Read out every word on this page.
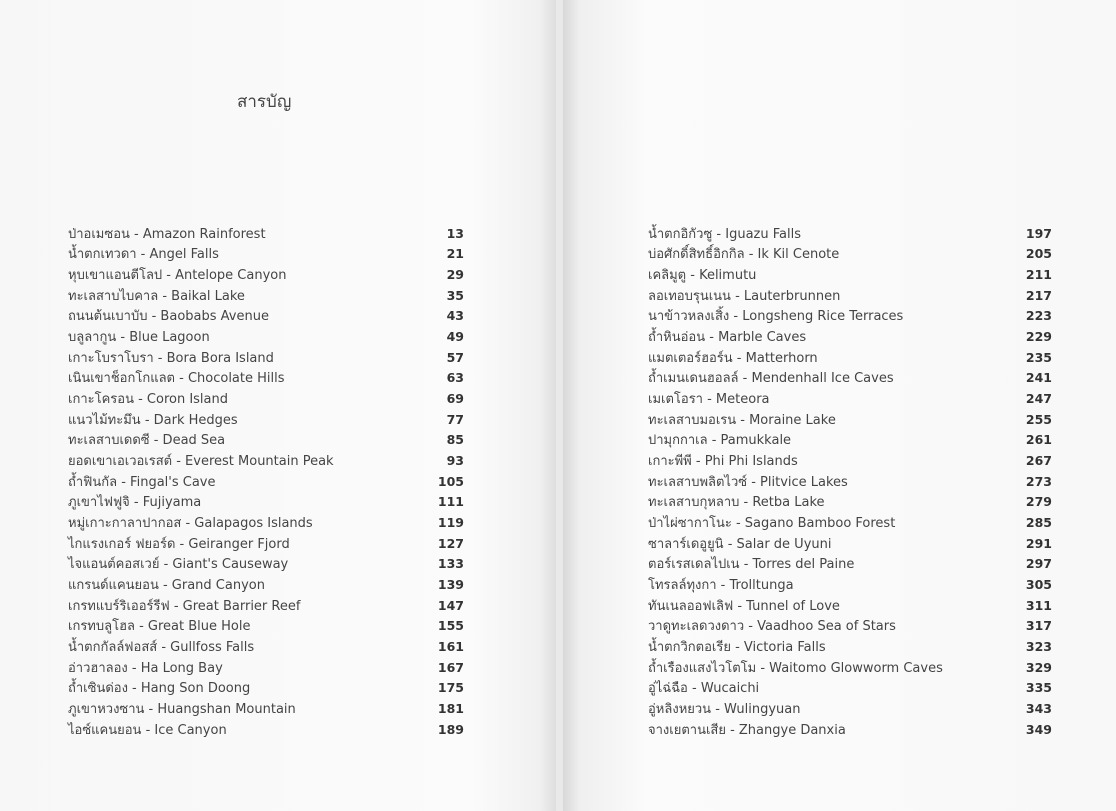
สารบัญ
ป่าอเมซอน - Amazon Rainforest	13
น้ำตกเทวดา - Angel Falls	21
หุบเขาแอนตีโลป - Antelope Canyon	29
ทะเลสาบไบคาล - Baikal Lake	35
ถนนต้นเบาบับ - Baobabs Avenue	43
บลูลากูน - Blue Lagoon	49
เกาะโบราโบรา - Bora Bora Island	57
เนินเขาช็อกโกแลต - Chocolate Hills	63
เกาะโครอน - Coron Island	69
แนวไม้ทะมึน - Dark Hedges	77
ทะเลสาบเดดซี - Dead Sea	85
ยอดเขาเอเวอเรสต์ - Everest Mountain Peak	93
ถ้ำฟินกัล - Fingal's Cave	105
ภูเขาไฟฟูจิ - Fujiyama	111
หมู่เกาะกาลาปากอส - Galapagos Islands	119
ไกแรงเกอร์ ฟยอร์ด - Geiranger Fjord	127
ไจแอนต์คอสเวย์ - Giant's Causeway	133
แกรนด์แคนยอน - Grand Canyon	139
เกรทแบร์ริเออร์รีฟ - Great Barrier Reef	147
เกรทบลูโฮล - Great Blue Hole	155
น้ำตกกัลล์ฟอสส์ - Gullfoss Falls	161
อ่าวฮาลอง - Ha Long Bay	167
ถ้ำเซินด่อง - Hang Son Doong	175
ภูเขาหวงซาน - Huangshan Mountain	181
ไอซ์แคนยอน - Ice Canyon	189
น้ำตกอิกัวซู - Iguazu Falls	197
บ่อศักดิ์สิทธิ์อิกกิล - Ik Kil Cenote	205
เคลิมูตู - Kelimutu	211
ลอเทอบรุนเนน - Lauterbrunnen	217
นาข้าวหลงเสิ้ง - Longsheng Rice Terraces	223
ถ้ำหินอ่อน - Marble Caves	229
แมตเตอร์ฮอร์น - Matterhorn	235
ถ้ำเมนเดนฮอลล์ - Mendenhall Ice Caves	241
เมเตโอรา - Meteora	247
ทะเลสาบมอเรน - Moraine Lake	255
ปามุกกาเล - Pamukkale	261
เกาะพีพี - Phi Phi Islands	267
ทะเลสาบพลิตไวซ์ - Plitvice Lakes	273
ทะเลสาบกุหลาบ - Retba Lake	279
ป่าไผ่ซากาโนะ - Sagano Bamboo Forest	285
ซาลาร์เดอูยูนิ - Salar de Uyuni	291
ตอร์เรสเดลไปเน - Torres del Paine	297
โทรลล์ทุงกา - Trolltunga	305
ทันเนลออฟเลิฟ - Tunnel of Love	311
วาดูทะเลดวงดาว - Vaadhoo Sea of Stars	317
น้ำตกวิกตอเรีย - Victoria Falls	323
ถ้ำเรืองแสงไวโตโม - Waitomo Glowworm Caves	329
อู่ไฉ่ฉือ - Wucaichi	335
อู่หลิงหยวน - Wulingyuan	343
จางเยตานเสีย - Zhangye Danxia	349
